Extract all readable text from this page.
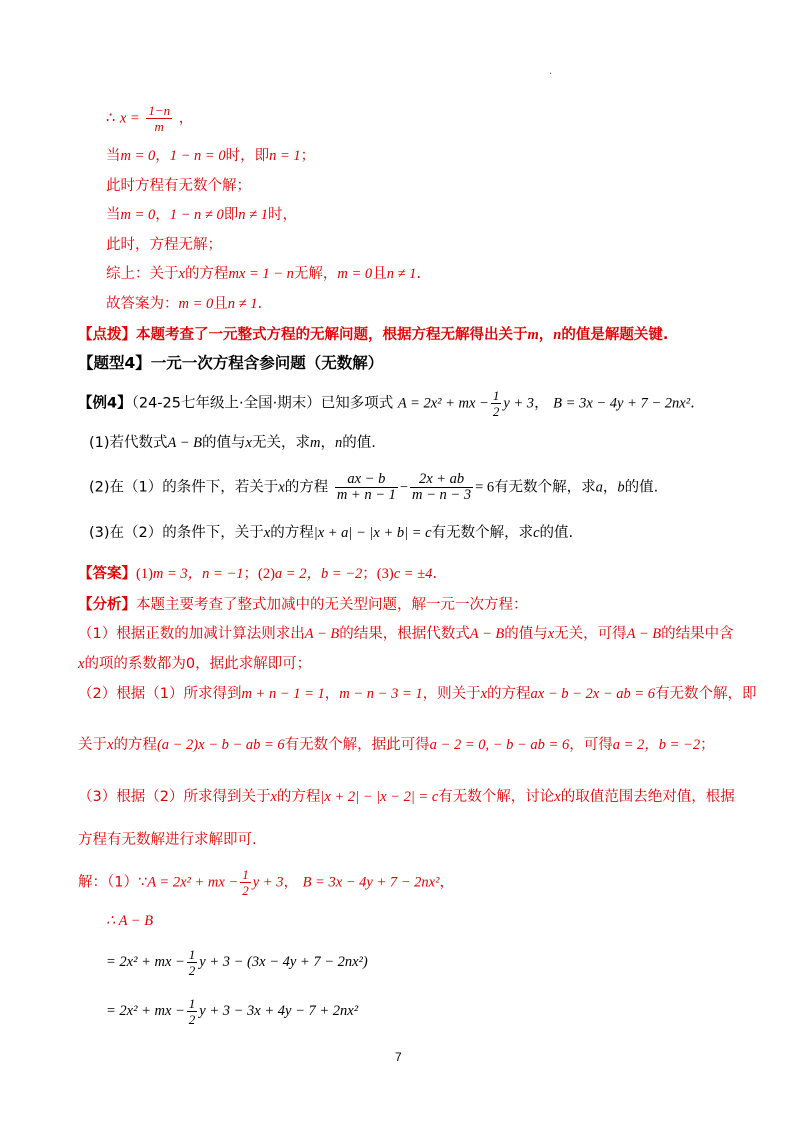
.
∴ $x = \frac{1-n}{m}$ ，
当m = 0，1 − n = 0时，即n = 1；
此时方程有无数个解；
当m = 0，1 − n ≠ 0即n ≠ 1时，
此时，方程无解；
综上：关于x的方程mx = 1 − n无解，m = 0且n ≠ 1.
故答案为：m = 0且n ≠ 1.
【点拨】本题考查了一元整式方程的无解问题，根据方程无解得出关于m，n的值是解题关键.
【题型4】一元一次方程含参问题（无数解）
【例4】（24-25七年级上·全国·期末）已知多项式 A = 2x² + mx − $\frac{1}{2}$ y + 3， B = 3x − 4y + 7 − 2nx².
(1)若代数式A − B的值与x无关，求m，n的值.
(2)在（1）的条件下，若关于x的方程 $\frac{ax - b}{m + n - 1} - \frac{2x + ab}{m - n - 3} = 6$有无数个解，求a，b的值.
(3)在（2）的条件下，关于x的方程|x + a| − |x + b| = c有无数个解，求c的值.
【答案】(1)m = 3，n = −1；(2)a = 2，b = −2；(3)c = ±4.
【分析】本题主要考查了整式加减中的无关型问题，解一元一次方程：
（1）根据正数的加减计算法则求出A − B的结果，根据代数式A − B的值与x无关，可得A − B的结果中含
x的项的系数都为0，据此求解即可；
（2）根据（1）所求得到m + n − 1 = 1，m − n − 3 = 1，则关于x的方程ax − b − 2x − ab = 6有无数个解，即
关于x的方程(a − 2)x − b − ab = 6有无数个解，据此可得a − 2 = 0, − b − ab = 6，可得a = 2，b = −2；
（3）根据（2）所求得到关于x的方程|x + 2| − |x − 2| = c有无数个解，讨论x的取值范围去绝对值，根据
方程有无数解进行求解即可.
解：（1）∵A = 2x² + mx − $\frac{1}{2}$ y + 3， B = 3x − 4y + 7 − 2nx²，
∴ A − B
= 2x² + mx − $\frac{1}{2}$ y + 3 − (3x − 4y + 7 − 2nx²)
= 2x² + mx − $\frac{1}{2}$ y + 3 − 3x + 4y − 7 + 2nx²
7
